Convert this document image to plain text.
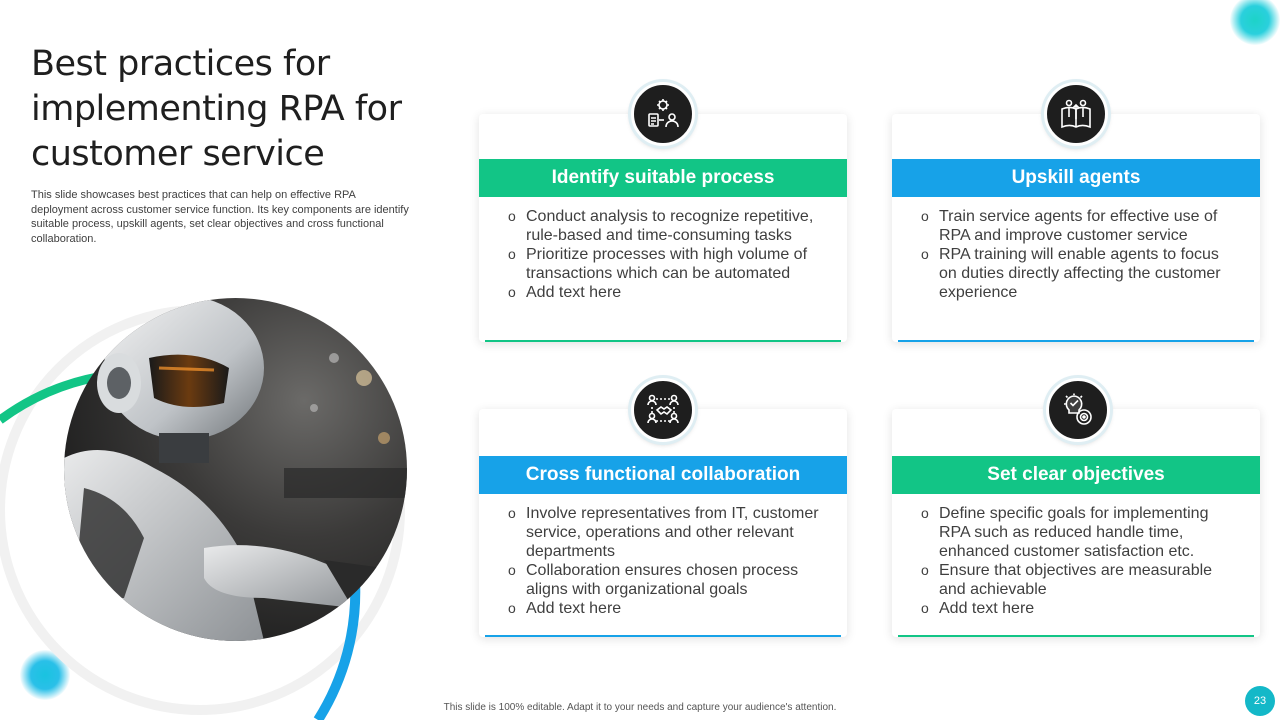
Best practices for implementing RPA for customer service

This slide showcases best practices that can help on effective RPA deployment across customer service function. Its key components are identify suitable process, upskill agents, set clear objectives and cross functional collaboration.

Identify suitable process
o Conduct analysis to recognize repetitive, rule-based and time-consuming tasks
o Prioritize processes with high volume of transactions which can be automated
o Add text here
Upskill agents
o Train service agents for effective use of RPA and improve customer service
o RPA training will enable agents to focus on duties directly affecting the customer experience
Cross functional collaboration
o Involve representatives from IT, customer service, operations and other relevant departments
o Collaboration ensures chosen process aligns with organizational goals
o Add text here
Set clear objectives
o Define specific goals for implementing RPA such as reduced handle time, enhanced customer satisfaction etc.
o Ensure that objectives are measurable and achievable
o Add text here
This slide is 100% editable. Adapt it to your needs and capture your audience's attention.
23
